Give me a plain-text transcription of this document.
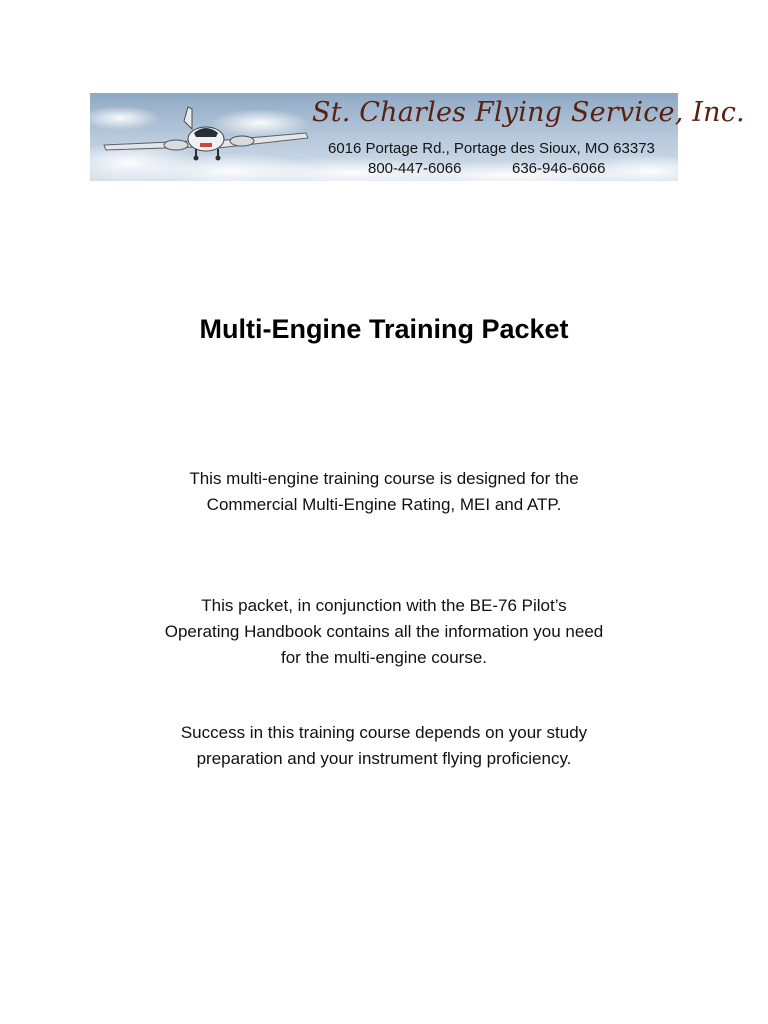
St. Charles Flying Service, Inc.
6016 Portage Rd., Portage des Sioux, MO 63373
800-447-6066	636-946-6066
Multi-Engine Training Packet
This multi-engine training course is designed for the Commercial Multi-Engine Rating, MEI and ATP.
This packet, in conjunction with the BE-76 Pilot’s Operating Handbook contains all the information you need for the multi-engine course.
Success in this training course depends on your study preparation and your instrument flying proficiency.
